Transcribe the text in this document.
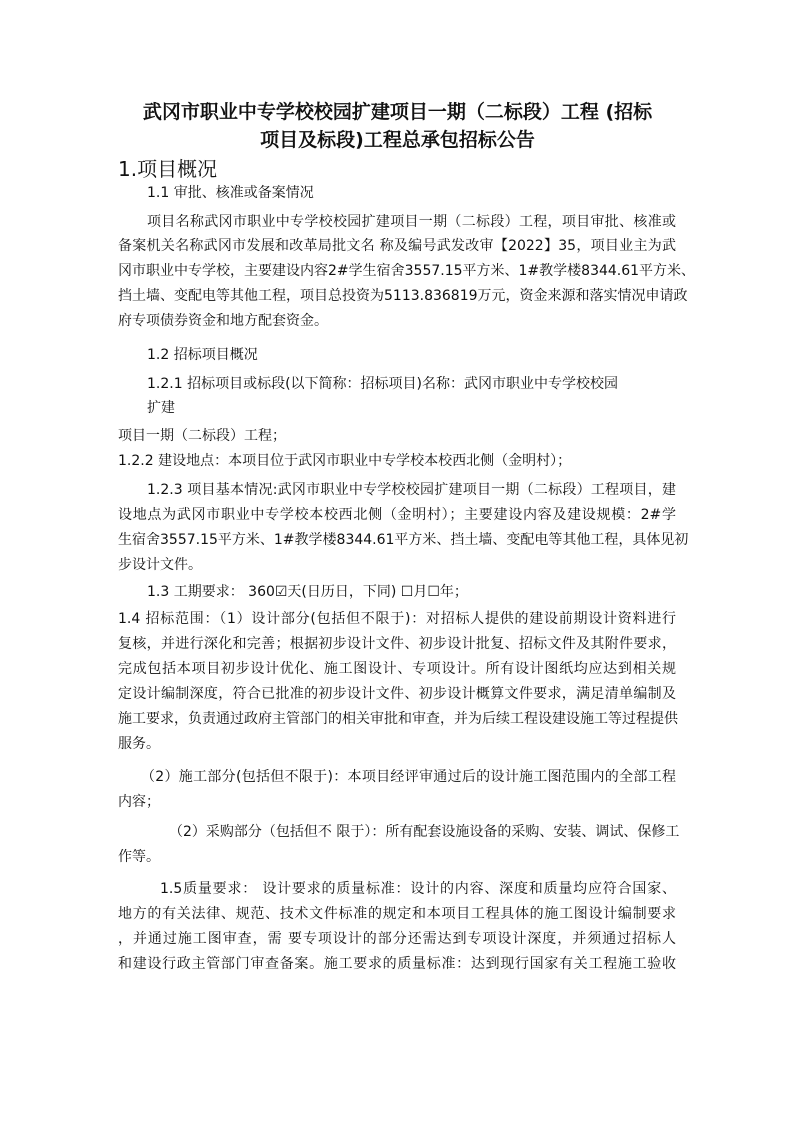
武冈市职业中专学校校园扩建项目一期（二标段）工程 (招标
项目及标段)工程总承包招标公告
1.项目概况
1.1 审批、核准或备案情况
项目名称武冈市职业中专学校校园扩建项目一期（二标段）工程，项目审批、核准或
备案机关名称武冈市发展和改革局批文名 称及编号武发改审【2022】35，项目业主为武
冈市职业中专学校，主要建设内容2#学生宿舍3557.15平方米、1#教学楼8344.61平方米、
挡土墙、变配电等其他工程，项目总投资为5113.836819万元，资金来源和落实情况申请政
府专项债券资金和地方配套资金。
1.2 招标项目概况
1.2.1 招标项目或标段(以下简称：招标项目)名称：武冈市职业中专学校校园
扩建
项目一期（二标段）工程；
1.2.2 建设地点：本项目位于武冈市职业中专学校本校西北侧（金明村）；
1.2.3 项目基本情况:武冈市职业中专学校校园扩建项目一期（二标段）工程项目，建
设地点为武冈市职业中专学校本校西北侧（金明村）；主要建设内容及建设规模：2#学
生宿舍3557.15平方米、1#教学楼8344.61平方米、挡土墙、变配电等其他工程，具体见初
步设计文件。
1.3 工期要求： 360☑天(日历日，下同) ☐月☐年；
1.4 招标范围：（1）设计部分(包括但不限于)：对招标人提供的建设前期设计资料进行
复核，并进行深化和完善；根据初步设计文件、初步设计批复、招标文件及其附件要求，
完成包括本项目初步设计优化、施工图设计、专项设计。所有设计图纸均应达到相关规
定设计编制深度，符合已批准的初步设计文件、初步设计概算文件要求，满足清单编制及
施工要求，负责通过政府主管部门的相关审批和审查，并为后续工程设建设施工等过程提供
服务。
（2）施工部分(包括但不限于)：本项目经评审通过后的设计施工图范围内的全部工程
内容；
（2）采购部分（包括但不 限于）：所有配套设施设备的采购、安装、调试、保修工
作等。
1.5质量要求： 设计要求的质量标准：设计的内容、深度和质量均应符合国家、
地方的有关法律、规范、技术文件标准的规定和本项目工程具体的施工图设计编制要求
，并通过施工图审查，需 要专项设计的部分还需达到专项设计深度，并须通过招标人
和建设行政主管部门审查备案。施工要求的质量标准：达到现行国家有关工程施工验收
